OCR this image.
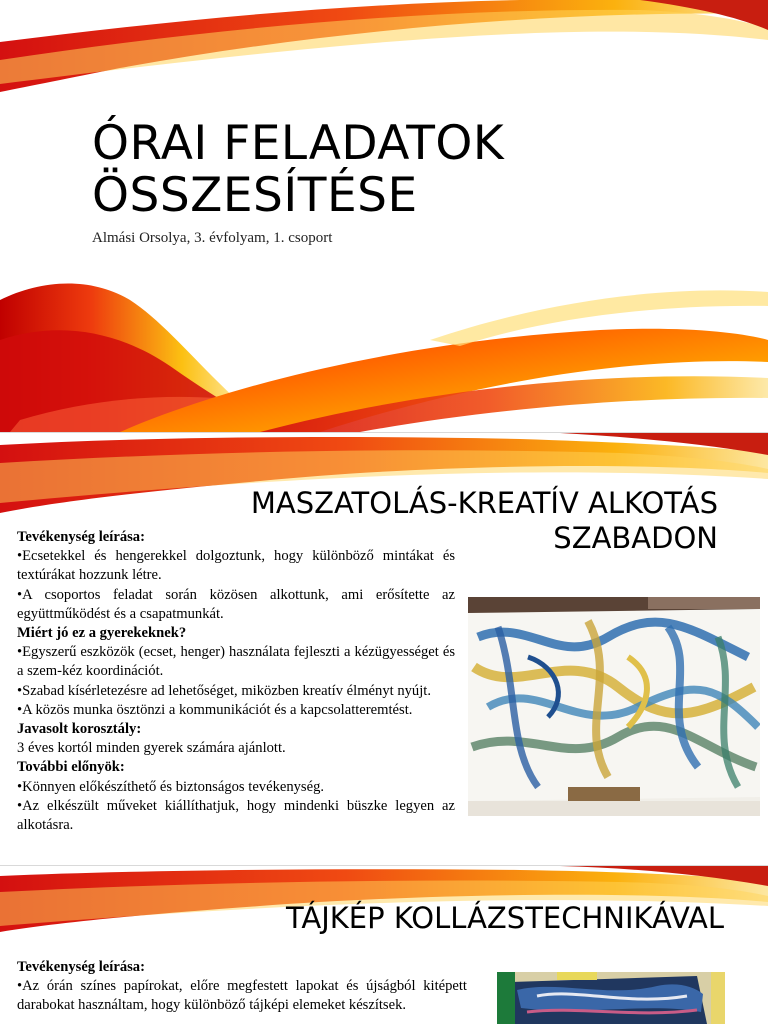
ÓRAI FELADATOK ÖSSZESÍTÉSE
Almási Orsolya, 3. évfolyam, 1. csoport
MASZATOLÁS-KREATÍV ALKOTÁS
SZABADON

Tevékenység leírása:

•Ecsetekkel és hengerekkel dolgoztunk, hogy különböző mintákat és textúrákat hozzunk létre.

•A csoportos feladat során közösen alkottunk, ami erősítette az együttműködést és a csapatmunkát.

Miért jó ez a gyerekeknek?

•Egyszerű eszközök (ecset, henger) használata fejleszti a kézügyességet és a szem-kéz koordinációt.

•Szabad kísérletezésre ad lehetőséget, miközben kreatív élményt nyújt.

•A közös munka ösztönzi a kommunikációt és a kapcsolatteremtést.

Javasolt korosztály:

3 éves kortól minden gyerek számára ajánlott.

További előnyök:

•Könnyen előkészíthető és biztonságos tevékenység.

•Az elkészült műveket kiállíthatjuk, hogy mindenki büszke legyen az alkotásra.

TÁJKÉP KOLLÁZSTECHNIKÁVAL

Tevékenység leírása:

•Az órán színes papírokat, előre megfestett lapokat és újságból kitépett darabokat használtam, hogy különböző tájképi elemeket készítsek.
